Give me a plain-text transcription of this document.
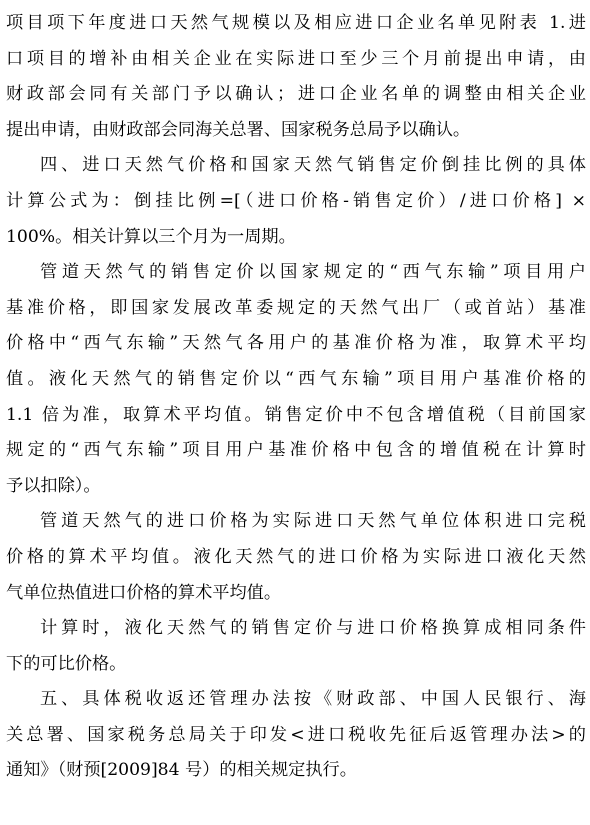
项目项下年度进口天然气规模以及相应进口企业名单见附表 1.进
口项目的增补由相关企业在实际进口至少三个月前提出申请，由
财政部会同有关部门予以确认；进口企业名单的调整由相关企业
提出申请，由财政部会同海关总署、国家税务总局予以确认。
四、进口天然气价格和国家天然气销售定价倒挂比例的具体
计算公式为：倒挂比例=[（进口价格-销售定价）/进口价格] ×
100%。相关计算以三个月为一周期。
管道天然气的销售定价以国家规定的“西气东输”项目用户
基准价格，即国家发展改革委规定的天然气出厂（或首站）基准
价格中“西气东输”天然气各用户的基准价格为准，取算术平均
值。液化天然气的销售定价以“西气东输”项目用户基准价格的
1.1 倍为准，取算术平均值。销售定价中不包含增值税（目前国家
规定的“西气东输”项目用户基准价格中包含的增值税在计算时
予以扣除）。
管道天然气的进口价格为实际进口天然气单位体积进口完税
价格的算术平均值。液化天然气的进口价格为实际进口液化天然
气单位热值进口价格的算术平均值。
计算时，液化天然气的销售定价与进口价格换算成相同条件
下的可比价格。
五、具体税收返还管理办法按《财政部、中国人民银行、海
关总署、国家税务总局关于印发<进口税收先征后返管理办法>的
通知》（财预[2009]84 号）的相关规定执行。
